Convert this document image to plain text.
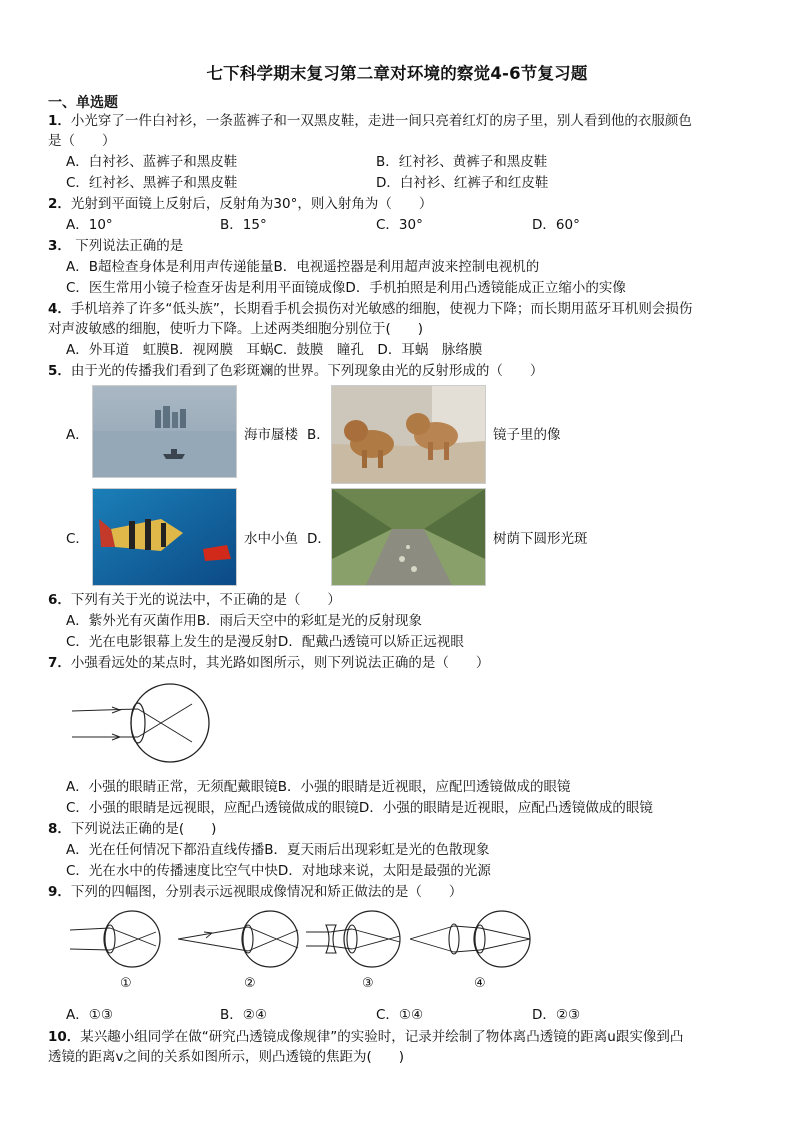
七下科学期末复习第二章对环境的察觉4-6节复习题
一、单选题
1．小光穿了一件白衬衫，一条蓝裤子和一双黑皮鞋，走进一间只亮着红灯的房子里，别人看到他的衣服颜色
是（　　）
A．白衬衫、蓝裤子和黑皮鞋	B．红衬衫、黄裤子和黑皮鞋
C．红衬衫、黑裤子和黑皮鞋	D．白衬衫、红裤子和红皮鞋
2．光射到平面镜上反射后，反射角为30°，则入射角为（　　）
A．10°	B．15°	C．30°	D．60°
3． 下列说法正确的是
A．B超检查身体是利用声传递能量B．电视遥控器是利用超声波来控制电视机的
C．医生常用小镜子检查牙齿是利用平面镜成像D．手机拍照是利用凸透镜能成正立缩小的实像
4．手机培养了许多“低头族”，长期看手机会损伤对光敏感的细胞，使视力下降；而长期用蓝牙耳机则会损伤
对声波敏感的细胞，使听力下降。上述两类细胞分别位于(　　)
A．外耳道　虹膜B．视网膜　耳蜗C．鼓膜　瞳孔　D．耳蜗　脉络膜
5．由于光的传播我们看到了色彩斑斓的世界。下列现象由光的反射形成的（　　）
A．	海市蜃楼 B．	镜子里的像
C．	水中小鱼 D．	树荫下圆形光斑
6．下列有关于光的说法中，不正确的是（　　）
A．紫外光有灭菌作用B．雨后天空中的彩虹是光的反射现象
C．光在电影银幕上发生的是漫反射D．配戴凸透镜可以矫正远视眼
7．小强看远处的某点时，其光路如图所示，则下列说法正确的是（　　）
A．小强的眼睛正常，无须配戴眼镜B．小强的眼睛是近视眼，应配凹透镜做成的眼镜
C．小强的眼睛是远视眼，应配凸透镜做成的眼镜D．小强的眼睛是近视眼，应配凸透镜做成的眼镜
8．下列说法正确的是(　　)
A．光在任何情况下都沿直线传播B．夏天雨后出现彩虹是光的色散现象
C．光在水中的传播速度比空气中快D．对地球来说，太阳是最强的光源
9．下列的四幅图，分别表示远视眼成像情况和矫正做法的是（　　）
①	②	③	④
A．①③	B．②④	C．①④	D．②③
10．某兴趣小组同学在做“研究凸透镜成像规律”的实验时，记录并绘制了物体离凸透镜的距离u跟实像到凸
透镜的距离v之间的关系如图所示，则凸透镜的焦距为(　　)
